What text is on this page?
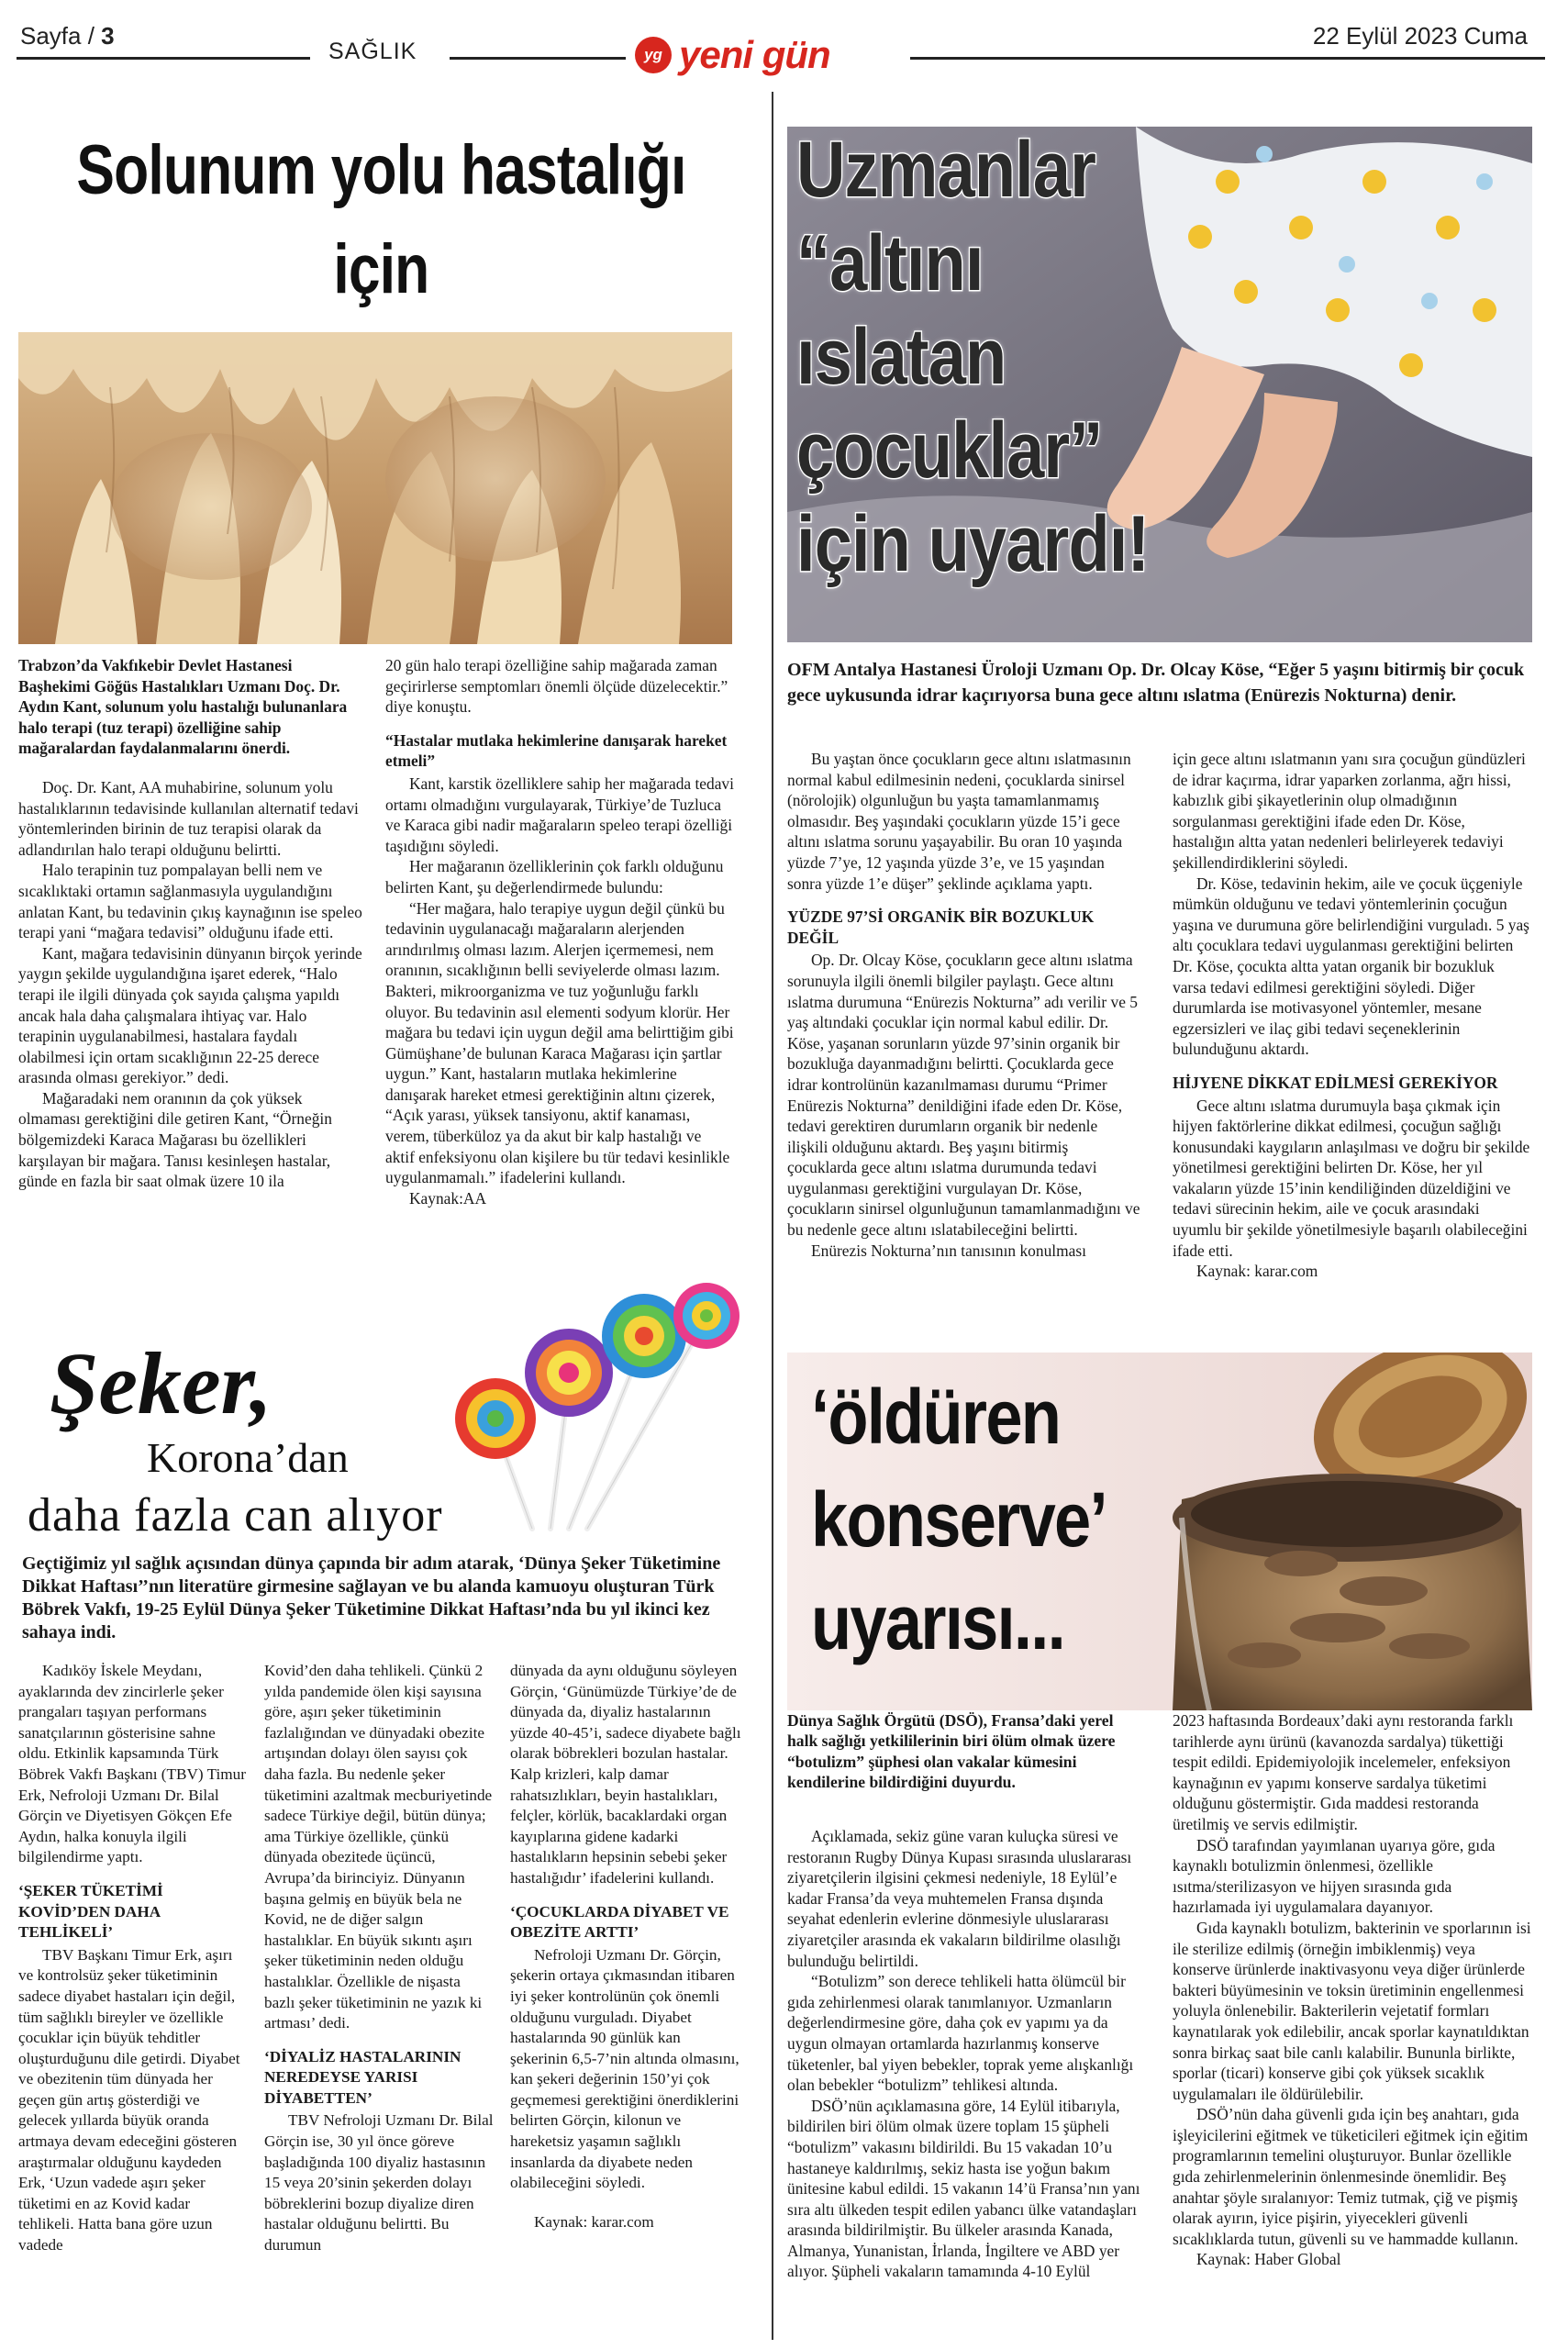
Sayfa / 3
SAĞLIK	yg yeni gün	22 Eylül 2023 Cuma
Solunum yolu hastalığı için

Trabzon’da Vakfıkebir Devlet Hastanesi Başhekimi Göğüs Hastalıkları Uzmanı Doç. Dr. Aydın Kant, solunum yolu hastalığı bulunanlara halo terapi (tuz terapi) özelliğine sahip mağaralardan faydalanmalarını önerdi.

Doç. Dr. Kant, AA muhabirine, solunum yolu hastalıklarının tedavisinde kullanılan alternatif tedavi yöntemlerinden birinin de tuz terapisi olarak da adlandırılan halo terapi olduğunu belirtti.

Halo terapinin tuz pompalayan belli nem ve sıcaklıktaki ortamın sağlanmasıyla uygulandığını anlatan Kant, bu tedavinin çıkış kaynağının ise speleo terapi yani “mağara tedavisi” olduğunu ifade etti.

Kant, mağara tedavisinin dünyanın birçok yerinde yaygın şekilde uygulandığına işaret ederek, “Halo terapi ile ilgili dünyada çok sayıda çalışma yapıldı ancak hala daha çalışmalara ihtiyaç var. Halo terapinin uygulanabilmesi, hastalara faydalı olabilmesi için ortam sıcaklığının 22-25 derece arasında olması gerekiyor.” dedi.

Mağaradaki nem oranının da çok yüksek olmaması gerektiğini dile getiren Kant, “Örneğin bölgemizdeki Karaca Mağarası bu özellikleri karşılayan bir mağara. Tanısı kesinleşen hastalar, günde en fazla bir saat olmak üzere 10 ila

20 gün halo terapi özelliğine sahip mağarada zaman geçirirlerse semptomları önemli ölçüde düzelecektir.” diye konuştu.

“Hastalar mutlaka hekimlerine danışarak hareket etmeli”

Kant, karstik özelliklere sahip her mağarada tedavi ortamı olmadığını vurgulayarak, Türkiye’de Tuzluca ve Karaca gibi nadir mağaraların speleo terapi özelliği taşıdığını söyledi.

Her mağaranın özelliklerinin çok farklı olduğunu belirten Kant, şu değerlendirmede bulundu:

“Her mağara, halo terapiye uygun değil çünkü bu tedavinin uygulanacağı mağaraların alerjenden arındırılmış olması lazım. Alerjen içermemesi, nem oranının, sıcaklığının belli seviyelerde olması lazım. Bakteri, mikroorganizma ve tuz yoğunluğu farklı oluyor. Bu tedavinin asıl elementi sodyum klorür. Her mağara bu tedavi için uygun değil ama belirttiğim gibi Gümüşhane’de bulunan Karaca Mağarası için şartlar uygun.” Kant, hastaların mutlaka hekimlerine danışarak hareket etmesi gerektiğinin altını çizerek, “Açık yarası, yüksek tansiyonu, aktif kanaması, verem, tüberküloz ya da akut bir kalp hastalığı ve aktif enfeksiyonu olan kişilere bu tür tedavi kesinlikle uygulanmamalı.” ifadelerini kullandı.

Kaynak:AA

Uzmanlar
“altını
ıslatan
çocuklar”
için uyardı!
OFM Antalya Hastanesi Üroloji Uzmanı Op. Dr. Olcay Köse, “Eğer 5 yaşını bitirmiş bir çocuk gece uykusunda idrar kaçırıyorsa buna gece altını ıslatma (Enürezis Nokturna) denir.

Bu yaştan önce çocukların gece altını ıslatmasının normal kabul edilmesinin nedeni, çocuklarda sinirsel (nörolojik) olgunluğun bu yaşta tamamlanmamış olmasıdır. Beş yaşındaki çocukların yüzde 15’i gece altını ıslatma sorunu yaşayabilir. Bu oran 10 yaşında yüzde 7’ye, 12 yaşında yüzde 3’e, ve 15 yaşından sonra yüzde 1’e düşer” şeklinde açıklama yaptı.

YÜZDE 97’Sİ ORGANİK BİR BOZUKLUK DEĞİL

Op. Dr. Olcay Köse, çocukların gece altını ıslatma sorunuyla ilgili önemli bilgiler paylaştı. Gece altını ıslatma durumuna “Enürezis Nokturna” adı verilir ve 5 yaş altındaki çocuklar için normal kabul edilir. Dr. Köse, yaşanan sorunların yüzde 97’sinin organik bir bozukluğa dayanmadığını belirtti. Çocuklarda gece idrar kontrolünün kazanılmaması durumu “Primer Enürezis Nokturna” denildiğini ifade eden Dr. Köse, tedavi gerektiren durumların organik bir nedenle ilişkili olduğunu aktardı. Beş yaşını bitirmiş çocuklarda gece altını ıslatma durumunda tedavi uygulanması gerektiğini vurgulayan Dr. Köse, çocukların sinirsel olgunluğunun tamamlanmadığını ve bu nedenle gece altını ıslatabileceğini belirtti.

Enürezis Nokturna’nın tanısının konulması

için gece altını ıslatmanın yanı sıra çocuğun gündüzleri de idrar kaçırma, idrar yaparken zorlanma, ağrı hissi, kabızlık gibi şikayetlerinin olup olmadığının sorgulanması gerektiğini ifade eden Dr. Köse, hastalığın altta yatan nedenleri belirleyerek tedaviyi şekillendirdiklerini söyledi.

Dr. Köse, tedavinin hekim, aile ve çocuk üçgeniyle mümkün olduğunu ve tedavi yöntemlerinin çocuğun yaşına ve durumuna göre belirlendiğini vurguladı. 5 yaş altı çocuklara tedavi uygulanması gerektiğini belirten Dr. Köse, çocukta altta yatan organik bir bozukluk varsa tedavi edilmesi gerektiğini söyledi. Diğer durumlarda ise motivasyonel yöntemler, mesane egzersizleri ve ilaç gibi tedavi seçeneklerinin bulunduğunu aktardı.

HİJYENE DİKKAT EDİLMESİ GEREKİYOR

Gece altını ıslatma durumuyla başa çıkmak için hijyen faktörlerine dikkat edilmesi, çocuğun sağlığı konusundaki kaygıların anlaşılması ve doğru bir şekilde yönetilmesi gerektiğini belirten Dr. Köse, her yıl vakaların yüzde 15’inin kendiliğinden düzeldiğini ve tedavi sürecinin hekim, aile ve çocuk arasındaki uyumlu bir şekilde yönetilmesiyle başarılı olabileceğini ifade etti.

Kaynak: karar.com

Şeker,
Korona’dan
daha fazla can alıyor
Geçtiğimiz yıl sağlık açısından dünya çapında bir adım atarak, ‘Dünya Şeker Tüketimine Dikkat Haftası’’nın literatüre girmesine sağlayan ve bu alanda kamuoyu oluşturan Türk Böbrek Vakfı, 19-25 Eylül Dünya Şeker Tüketimine Dikkat Haftası’nda bu yıl ikinci kez sahaya indi.

Kadıköy İskele Meydanı, ayaklarında dev zincirlerle şeker prangaları taşıyan performans sanatçılarının gösterisine sahne oldu. Etkinlik kapsamında Türk Böbrek Vakfı Başkanı (TBV) Timur Erk, Nefroloji Uzmanı Dr. Bilal Görçin ve Diyetisyen Gökçen Efe Aydın, halka konuyla ilgili bilgilendirme yaptı.

‘ŞEKER TÜKETİMİ KOVİD’DEN DAHA TEHLİKELİ’

TBV Başkanı Timur Erk, aşırı ve kontrolsüz şeker tüketiminin sadece diyabet hastaları için değil, tüm sağlıklı bireyler ve özellikle çocuklar için büyük tehditler oluşturduğunu dile getirdi. Diyabet ve obezitenin tüm dünyada her geçen gün artış gösterdiği ve gelecek yıllarda büyük oranda artmaya devam edeceğini gösteren araştırmalar olduğunu kaydeden Erk, ‘Uzun vadede aşırı şeker tüketimi en az Kovid kadar tehlikeli. Hatta bana göre uzun vadede

Kovid’den daha tehlikeli. Çünkü 2 yılda pandemide ölen kişi sayısına göre, aşırı şeker tüketiminin fazlalığından ve dünyadaki obezite artışından dolayı ölen sayısı çok daha fazla. Bu nedenle şeker tüketimini azaltmak mecburiyetinde sadece Türkiye değil, bütün dünya; ama Türkiye özellikle, çünkü dünyada obezitede üçüncü, Avrupa’da birinciyiz. Dünyanın başına gelmiş en büyük bela ne Kovid, ne de diğer salgın hastalıklar. En büyük sıkıntı aşırı şeker tüketiminin neden olduğu hastalıklar. Özellikle de nişasta bazlı şeker tüketiminin ne yazık ki artması’ dedi.

‘DİYALİZ HASTALARININ NEREDEYSE YARISI DİYABETTEN’

TBV Nefroloji Uzmanı Dr. Bilal Görçin ise, 30 yıl önce göreve başladığında 100 diyaliz hastasının 15 veya 20’sinin şekerden dolayı böbreklerini bozup diyalize diren hastalar olduğunu belirtti. Bu durumun

dünyada da aynı olduğunu söyleyen Görçin, ‘Günümüzde Türkiye’de de dünyada da, diyaliz hastalarının yüzde 40-45’i, sadece diyabete bağlı olarak böbrekleri bozulan hastalar. Kalp krizleri, kalp damar rahatsızlıkları, beyin hastalıkları, felçler, körlük, bacaklardaki organ kayıplarına gidene kadarki hastalıkların hepsinin sebebi şeker hastalığıdır’ ifadelerini kullandı.

‘ÇOCUKLARDA DİYABET VE OBEZİTE ARTTI’

Nefroloji Uzmanı Dr. Görçin, şekerin ortaya çıkmasından itibaren iyi şeker kontrolünün çok önemli olduğunu vurguladı. Diyabet hastalarında 90 günlük kan şekerinin 6,5-7’nin altında olmasını, kan şekeri değerinin 150’yi çok geçmemesi gerektiğini önerdiklerini belirten Görçin, kilonun ve hareketsiz yaşamın sağlıklı insanlarda da diyabete neden olabileceğini söyledi.

Kaynak: karar.com

‘öldüren
konserve’
uyarısı...
Dünya Sağlık Örgütü (DSÖ), Fransa’daki yerel halk sağlığı yetkililerinin biri ölüm olmak üzere “botulizm” şüphesi olan vakalar kümesini kendilerine bildirdiğini duyurdu.

Açıklamada, sekiz güne varan kuluçka süresi ve restoranın Rugby Dünya Kupası sırasında uluslararası ziyaretçilerin ilgisini çekmesi nedeniyle, 18 Eylül’e kadar Fransa’da veya muhtemelen Fransa dışında seyahat edenlerin evlerine dönmesiyle uluslararası ziyaretçiler arasında ek vakaların bildirilme olasılığı bulunduğu belirtildi.

“Botulizm” son derece tehlikeli hatta ölümcül bir gıda zehirlenmesi olarak tanımlanıyor. Uzmanların değerlendirmesine göre, daha çok ev yapımı ya da uygun olmayan ortamlarda hazırlanmış konserve tüketenler, bal yiyen bebekler, toprak yeme alışkanlığı olan bebekler “botulizm” tehlikesi altında.

DSÖ’nün açıklamasına göre, 14 Eylül itibarıyla, bildirilen biri ölüm olmak üzere toplam 15 şüpheli “botulizm” vakasını bildirildi. Bu 15 vakadan 10’u hastaneye kaldırılmış, sekiz hasta ise yoğun bakım ünitesine kabul edildi. 15 vakanın 14’ü Fransa’nın yanı sıra altı ülkeden tespit edilen yabancı ülke vatandaşları arasında bildirilmiştir. Bu ülkeler arasında Kanada, Almanya, Yunanistan, İrlanda, İngiltere ve ABD yer alıyor. Şüpheli vakaların tamamında 4-10 Eylül

2023 haftasında Bordeaux’daki aynı restoranda farklı tarihlerde aynı ürünü (kavanozda sardalya) tükettiği tespit edildi. Epidemiyolojik incelemeler, enfeksiyon kaynağının ev yapımı konserve sardalya tüketimi olduğunu göstermiştir. Gıda maddesi restoranda üretilmiş ve servis edilmiştir.

DSÖ tarafından yayımlanan uyarıya göre, gıda kaynaklı botulizmin önlenmesi, özellikle ısıtma/sterilizasyon ve hijyen sırasında gıda hazırlamada iyi uygulamalara dayanıyor.

Gıda kaynaklı botulizm, bakterinin ve sporlarının isi ile sterilize edilmiş (örneğin imbiklenmiş) veya konserve ürünlerde inaktivasyonu veya diğer ürünlerde bakteri büyümesinin ve toksin üretiminin engellenmesi yoluyla önlenebilir. Bakterilerin vejetatif formları kaynatılarak yok edilebilir, ancak sporlar kaynatıldıktan sonra birkaç saat bile canlı kalabilir. Bununla birlikte, sporlar (ticari) konserve gibi çok yüksek sıcaklık uygulamaları ile öldürülebilir.

DSÖ’nün daha güvenli gıda için beş anahtarı, gıda işleyicilerini eğitmek ve tüketicileri eğitmek için eğitim programlarının temelini oluşturuyor. Bunlar özellikle gıda zehirlenmelerinin önlenmesinde önemlidir. Beş anahtar şöyle sıralanıyor: Temiz tutmak, çiğ ve pişmiş olarak ayırın, iyice pişirin, yiyecekleri güvenli sıcaklıklarda tutun, güvenli su ve hammadde kullanın.

Kaynak: Haber Global
